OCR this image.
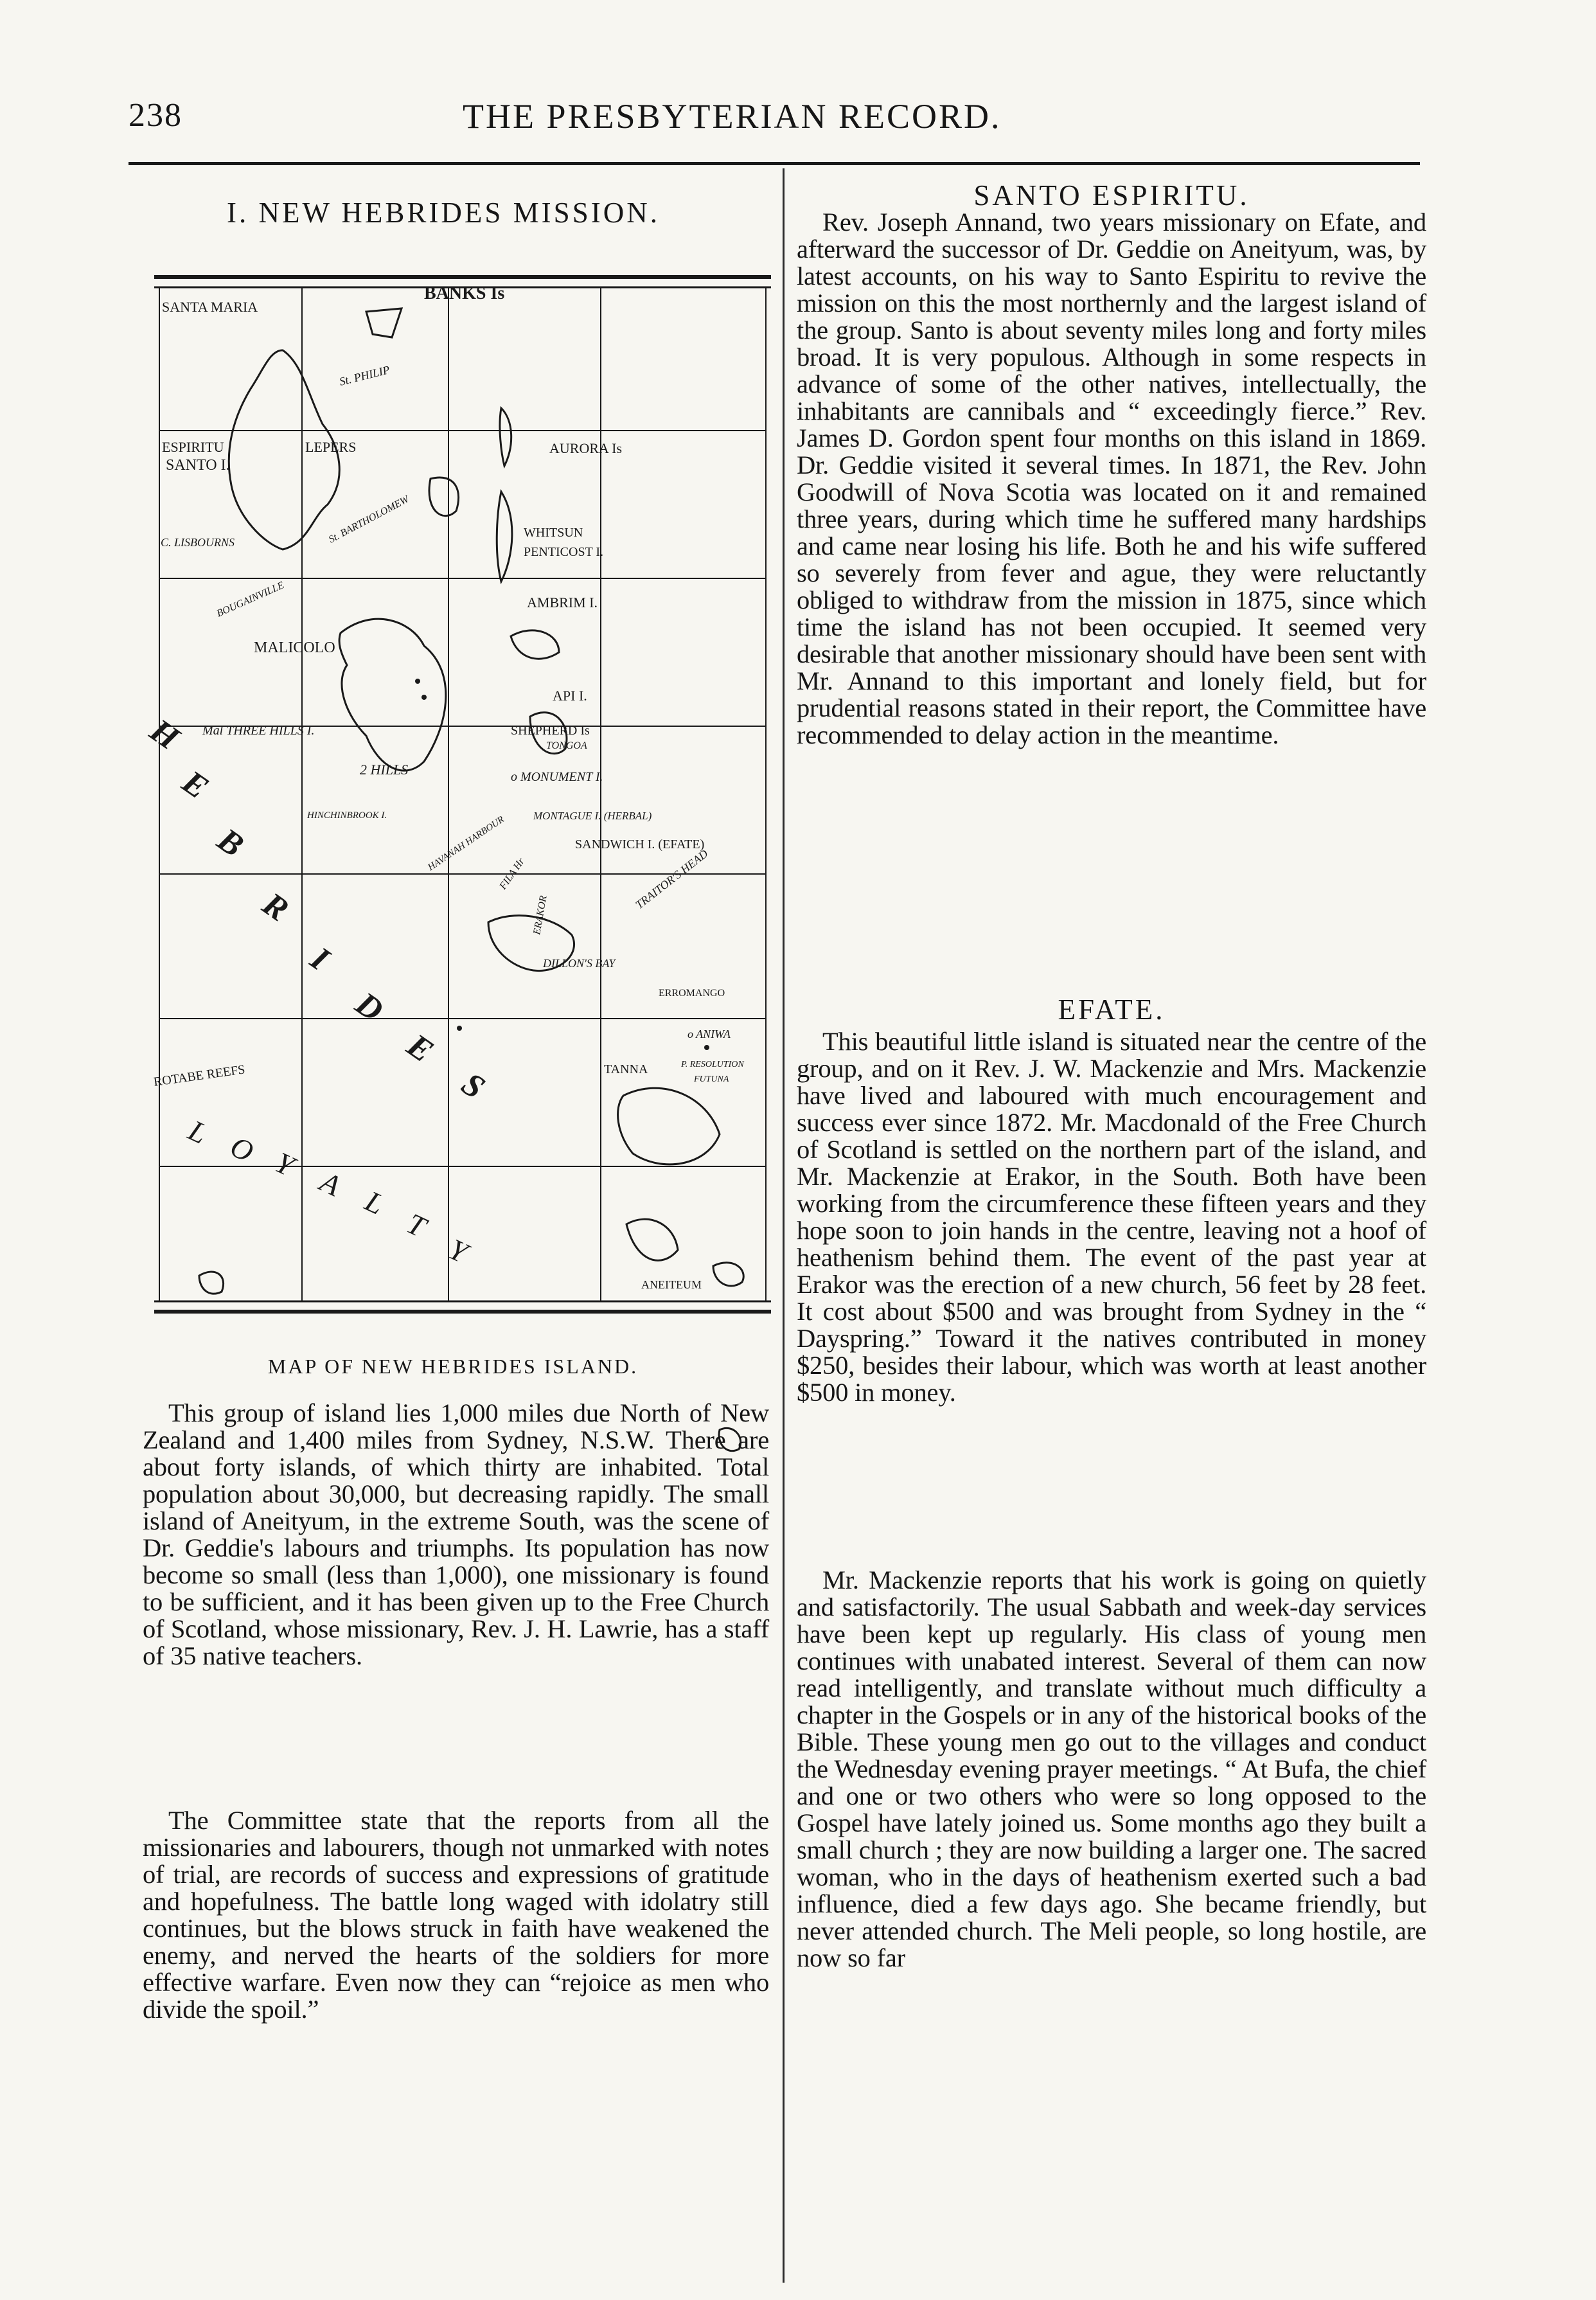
238	THE PRESBYTERIAN RECORD.
I. NEW HEBRIDES MISSION.
SANTA MARIA
BANKS Is
ESPIRITU
SANTO I.
St. PHILIP
LEPERS	AURORA Is
C. LISBOURNS	St. BARTHOLOMEW	WHITSUN
PENTICOST I.
BOUGAINVILLE	AMBRIM I.
MALICOLO
API I.
Mal THREE HILLS I.	SHEPHERD Is
TONGOA
2 HILLS	o MONUMENT I.
HINCHINBROOK I.	MONTAGUE I. (HERBAL)
HAVANAH HARBOUR	SANDWICH I. (EFATE)
FILA Hr
ERAKOR
TRAITOR'S HEAD
DILLON'S BAY
ERROMANGO
o ANIWA
TANNA	P. RESOLUTION
FUTUNA
ROTABE REEFS
ANEITEUM
H
E
B
R
I
D
E
S
L O Y
A
L
T
Y
MAP OF NEW HEBRIDES ISLAND.

This group of island lies 1,000 miles due North of New Zealand and 1,400 miles from Sydney, N.S.W. There are about forty islands, of which thirty are inhabited. Total population about 30,000, but decreasing rapidly. The small island of Aneityum, in the extreme South, was the scene of Dr. Geddie's labours and triumphs. Its population has now become so small (less than 1,000), one missionary is found to be sufficient, and it has been given up to the Free Church of Scotland, whose missionary, Rev. J. H. Lawrie, has a staff of 35 native teachers.

The Committee state that the reports from all the missionaries and labourers, though not unmarked with notes of trial, are records of success and expressions of gratitude and hopefulness. The battle long waged with idolatry still continues, but the blows struck in faith have weakened the enemy, and nerved the hearts of the soldiers for more effective warfare. Even now they can “rejoice as men who divide the spoil.”

SANTO ESPIRITU.

Rev. Joseph Annand, two years missionary on Efate, and afterward the successor of Dr. Geddie on Aneityum, was, by latest accounts, on his way to Santo Espiritu to revive the mission on this the most northernly and the largest island of the group. Santo is about seventy miles long and forty miles broad. It is very populous. Although in some respects in advance of some of the other natives, intellectually, the inhabitants are cannibals and “ exceedingly fierce.” Rev. James D. Gordon spent four months on this island in 1869. Dr. Geddie visited it several times. In 1871, the Rev. John Goodwill of Nova Scotia was located on it and remained three years, during which time he suffered many hardships and came near losing his life. Both he and his wife suffered so severely from fever and ague, they were reluctantly obliged to withdraw from the mission in 1875, since which time the island has not been occupied. It seemed very desirable that another missionary should have been sent with Mr. Annand to this important and lonely field, but for prudential reasons stated in their report, the Committee have recommended to delay action in the meantime.

EFATE.

This beautiful little island is situated near the centre of the group, and on it Rev. J. W. Mackenzie and Mrs. Mackenzie have lived and laboured with much encouragement and success ever since 1872. Mr. Macdonald of the Free Church of Scotland is settled on the northern part of the island, and Mr. Mackenzie at Erakor, in the South. Both have been working from the circumference these fifteen years and they hope soon to join hands in the centre, leaving not a hoof of heathenism behind them. The event of the past year at Erakor was the erection of a new church, 56 feet by 28 feet. It cost about $500 and was brought from Sydney in the “ Dayspring.” Toward it the natives contributed in money $250, besides their labour, which was worth at least another $500 in money.

Mr. Mackenzie reports that his work is going on quietly and satisfactorily. The usual Sabbath and week-day services have been kept up regularly. His class of young men continues with unabated interest. Several of them can now read intelligently, and translate without much difficulty a chapter in the Gospels or in any of the historical books of the Bible. These young men go out to the villages and conduct the Wednesday evening prayer meetings. “ At Bufa, the chief and one or two others who were so long opposed to the Gospel have lately joined us. Some months ago they built a small church ; they are now building a larger one. The sacred woman, who in the days of heathenism exerted such a bad influence, died a few days ago. She became friendly, but never attended church. The Meli people, so long hostile, are now so far
